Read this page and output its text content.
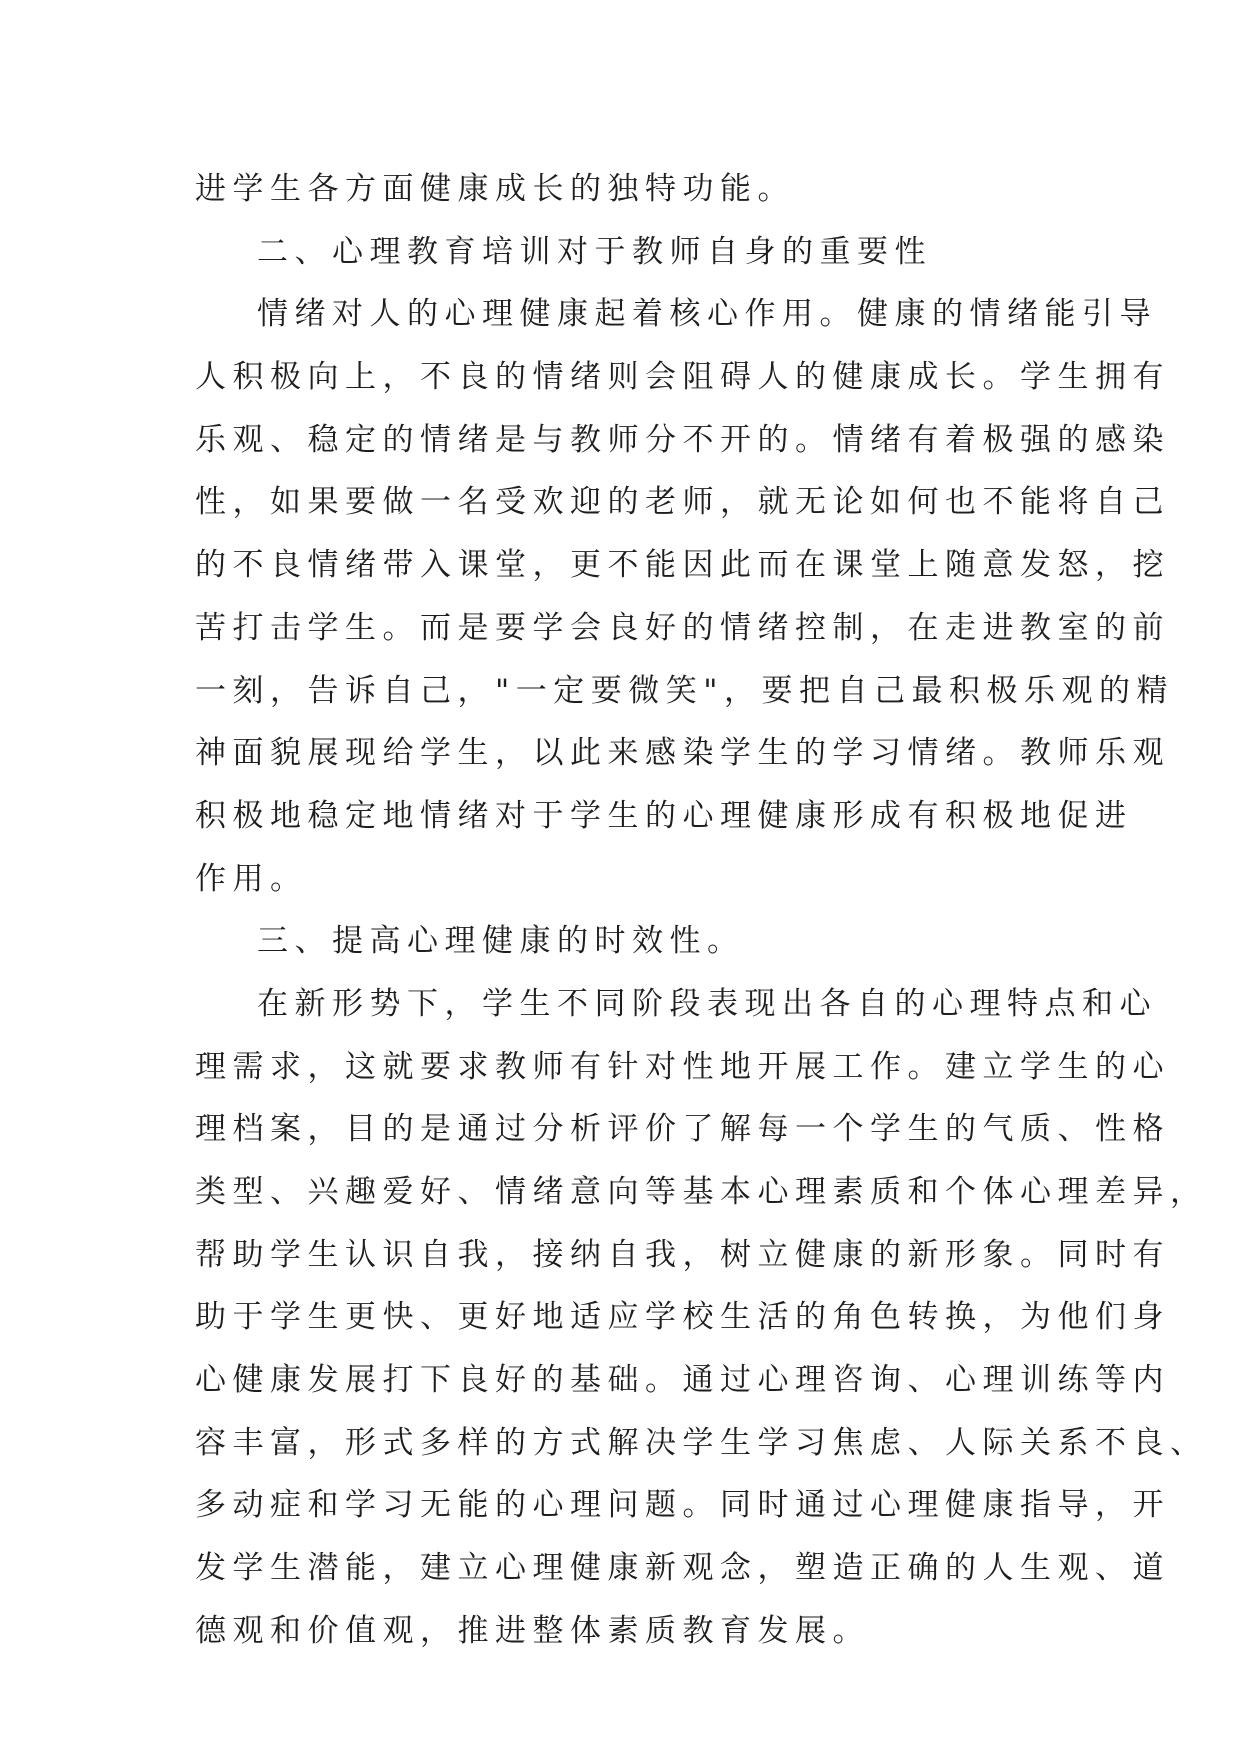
进学生各方面健康成长的独特功能。
二、心理教育培训对于教师自身的重要性
情绪对人的心理健康起着核心作用。健康的情绪能引导
人积极向上，不良的情绪则会阻碍人的健康成长。学生拥有
乐观、稳定的情绪是与教师分不开的。情绪有着极强的感染
性，如果要做一名受欢迎的老师，就无论如何也不能将自己
的不良情绪带入课堂，更不能因此而在课堂上随意发怒，挖
苦打击学生。而是要学会良好的情绪控制，在走进教室的前
一刻，告诉自己，"一定要微笑"，要把自己最积极乐观的精
神面貌展现给学生，以此来感染学生的学习情绪。教师乐观
积极地稳定地情绪对于学生的心理健康形成有积极地促进
作用。
三、提高心理健康的时效性。
在新形势下，学生不同阶段表现出各自的心理特点和心
理需求，这就要求教师有针对性地开展工作。建立学生的心
理档案，目的是通过分析评价了解每一个学生的气质、性格
类型、兴趣爱好、情绪意向等基本心理素质和个体心理差异，
帮助学生认识自我，接纳自我，树立健康的新形象。同时有
助于学生更快、更好地适应学校生活的角色转换，为他们身
心健康发展打下良好的基础。通过心理咨询、心理训练等内
容丰富，形式多样的方式解决学生学习焦虑、人际关系不良、
多动症和学习无能的心理问题。同时通过心理健康指导，开
发学生潜能，建立心理健康新观念，塑造正确的人生观、道
德观和价值观，推进整体素质教育发展。
